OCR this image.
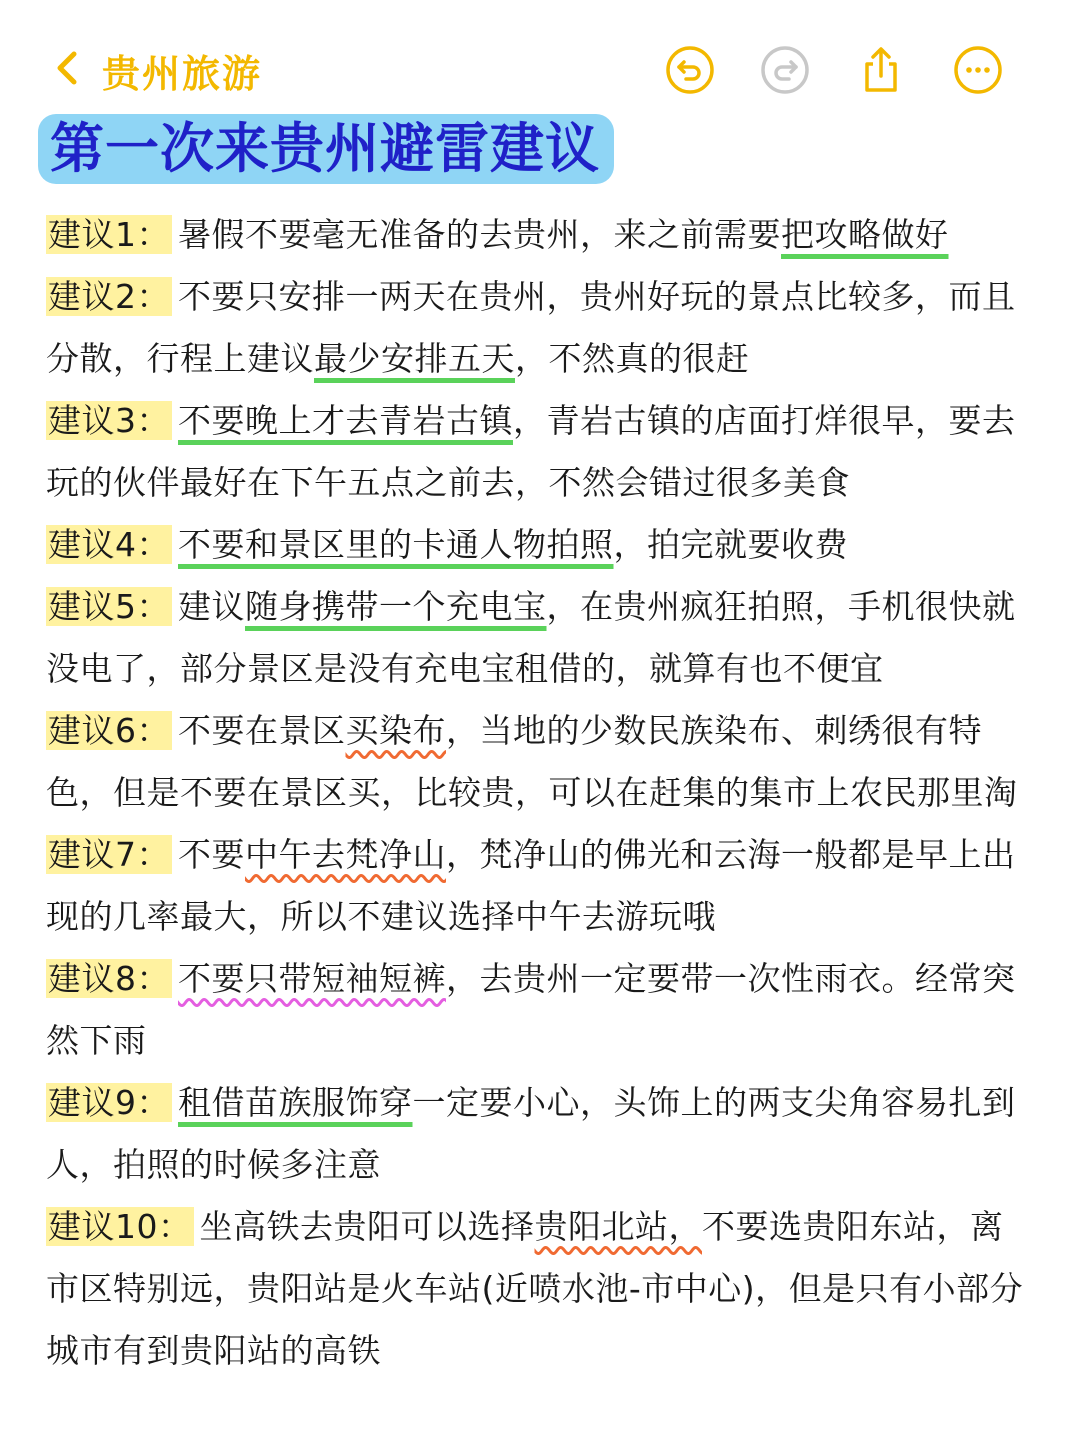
贵州旅游
第一次来贵州避雷建议

建议1： 暑假不要毫无准备的去贵州，来之前需要把攻略做好

建议2： 不要只安排一两天在贵州，贵州好玩的景点比较多，而且分散，行程上建议最少安排五天，不然真的很赶

建议3： 不要晚上才去青岩古镇，青岩古镇的店面打烊很早，要去玩的伙伴最好在下午五点之前去，不然会错过很多美食

建议4： 不要和景区里的卡通人物拍照，拍完就要收费

建议5： 建议随身携带一个充电宝，在贵州疯狂拍照，手机很快就没电了，部分景区是没有充电宝租借的，就算有也不便宜

建议6： 不要在景区买染布，当地的少数民族染布、刺绣很有特色，但是不要在景区买，比较贵，可以在赶集的集市上农民那里淘

建议7： 不要中午去梵净山，梵净山的佛光和云海一般都是早上出现的几率最大，所以不建议选择中午去游玩哦

建议8： 不要只带短袖短裤，去贵州一定要带一次性雨衣。经常突然下雨

建议9： 租借苗族服饰穿一定要小心，头饰上的两支尖角容易扎到人，拍照的时候多注意

建议10： 坐高铁去贵阳可以选择贵阳北站，不要选贵阳东站，离市区特别远，贵阳站是火车站(近喷水池-市中心)，但是只有小部分城市有到贵阳站的高铁
